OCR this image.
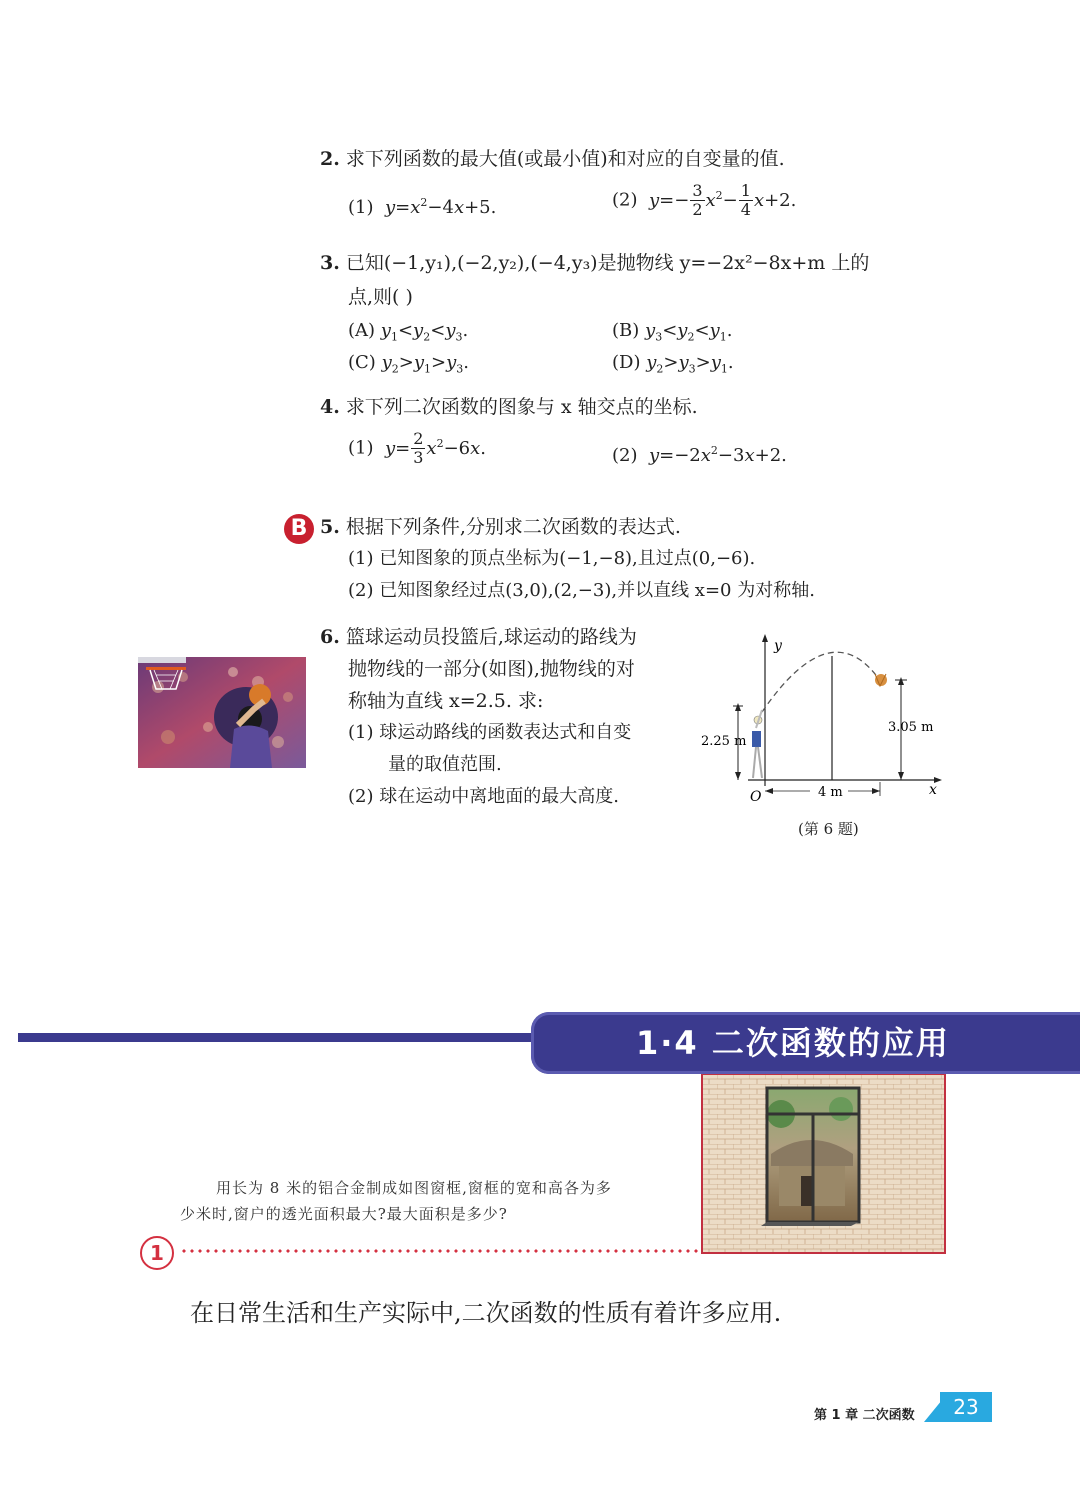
2. 求下列函数的最大值(或最小值)和对应的自变量的值.
(1) $y=x^2-4x+5$.	(2) $y=- \frac{3}{2} x^2- \frac{1}{4} x+2$.
3. 已知(−1,y₁),(−2,y₂),(−4,y₃)是抛物线 y=−2x²−8x+m 上的
点,则( )
(A) $y_1<y_2<y_3$.	(B) $y_3<y_2<y_1$.
(C) $y_2>y_1>y_3$.	(D) $y_2>y_3>y_1$.
4. 求下列二次函数的图象与 x 轴交点的坐标.
(1) $y= \frac{2}{3} x^2-6x$.	(2) $y=-2x^2-3x+2$.
B 5. 根据下列条件,分别求二次函数的表达式.
(1) 已知图象的顶点坐标为(−1,−8),且过点(0,−6).
(2) 已知图象经过点(3,0),(2,−3),并以直线 x=0 为对称轴.
6. 篮球运动员投篮后,球运动的路线为
抛物线的一部分(如图),抛物线的对
称轴为直线 x=2.5. 求:
(1) 球运动路线的函数表达式和自变
量的取值范围.
(2) 球在运动中离地面的最大高度.
y
x
O
2.25 m
3.05 m
4 m
(第 6 题)
1·4 二次函数的应用
用长为 8 米的铝合金制成如图窗框,窗框的宽和高各为多
少米时,窗户的透光面积最大?最大面积是多少?
1
在日常生活和生产实际中,二次函数的性质有着许多应用.
第 1 章 二次函数	23
